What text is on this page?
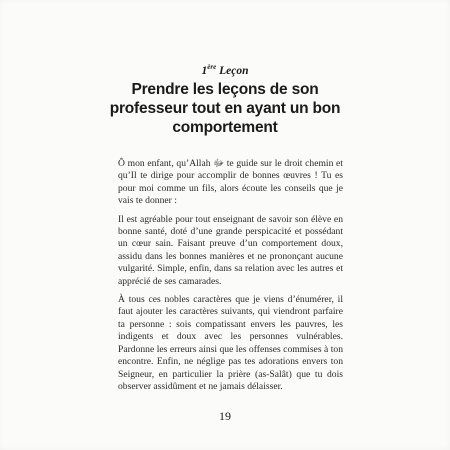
1ère Leçon
Prendre les leçons de son professeur tout en ayant un bon comportement

Ô mon enfant, qu’Allah ﷻ te guide sur le droit chemin et qu’Il te dirige pour accomplir de bonnes œuvres ! Tu es pour moi comme un fils, alors écoute les conseils que je vais te donner :

Il est agréable pour tout enseignant de savoir son élève en bonne santé, doté d’une grande perspicacité et possédant un cœur sain. Faisant preuve d’un comportement doux, assidu dans les bonnes manières et ne prononçant aucune vulgarité. Simple, enfin, dans sa relation avec les autres et apprécié de ses camarades.

À tous ces nobles caractères que je viens d’énumérer, il faut ajouter les caractères suivants, qui viendront parfaire ta personne : sois compatissant envers les pauvres, les indigents et doux avec les personnes vulnérables. Pardonne les erreurs ainsi que les offenses commises à ton encontre. Enfin, ne néglige pas tes adorations envers ton Seigneur, en particulier la prière (as-Salât) que tu dois observer assidûment et ne jamais délaisser.

19
